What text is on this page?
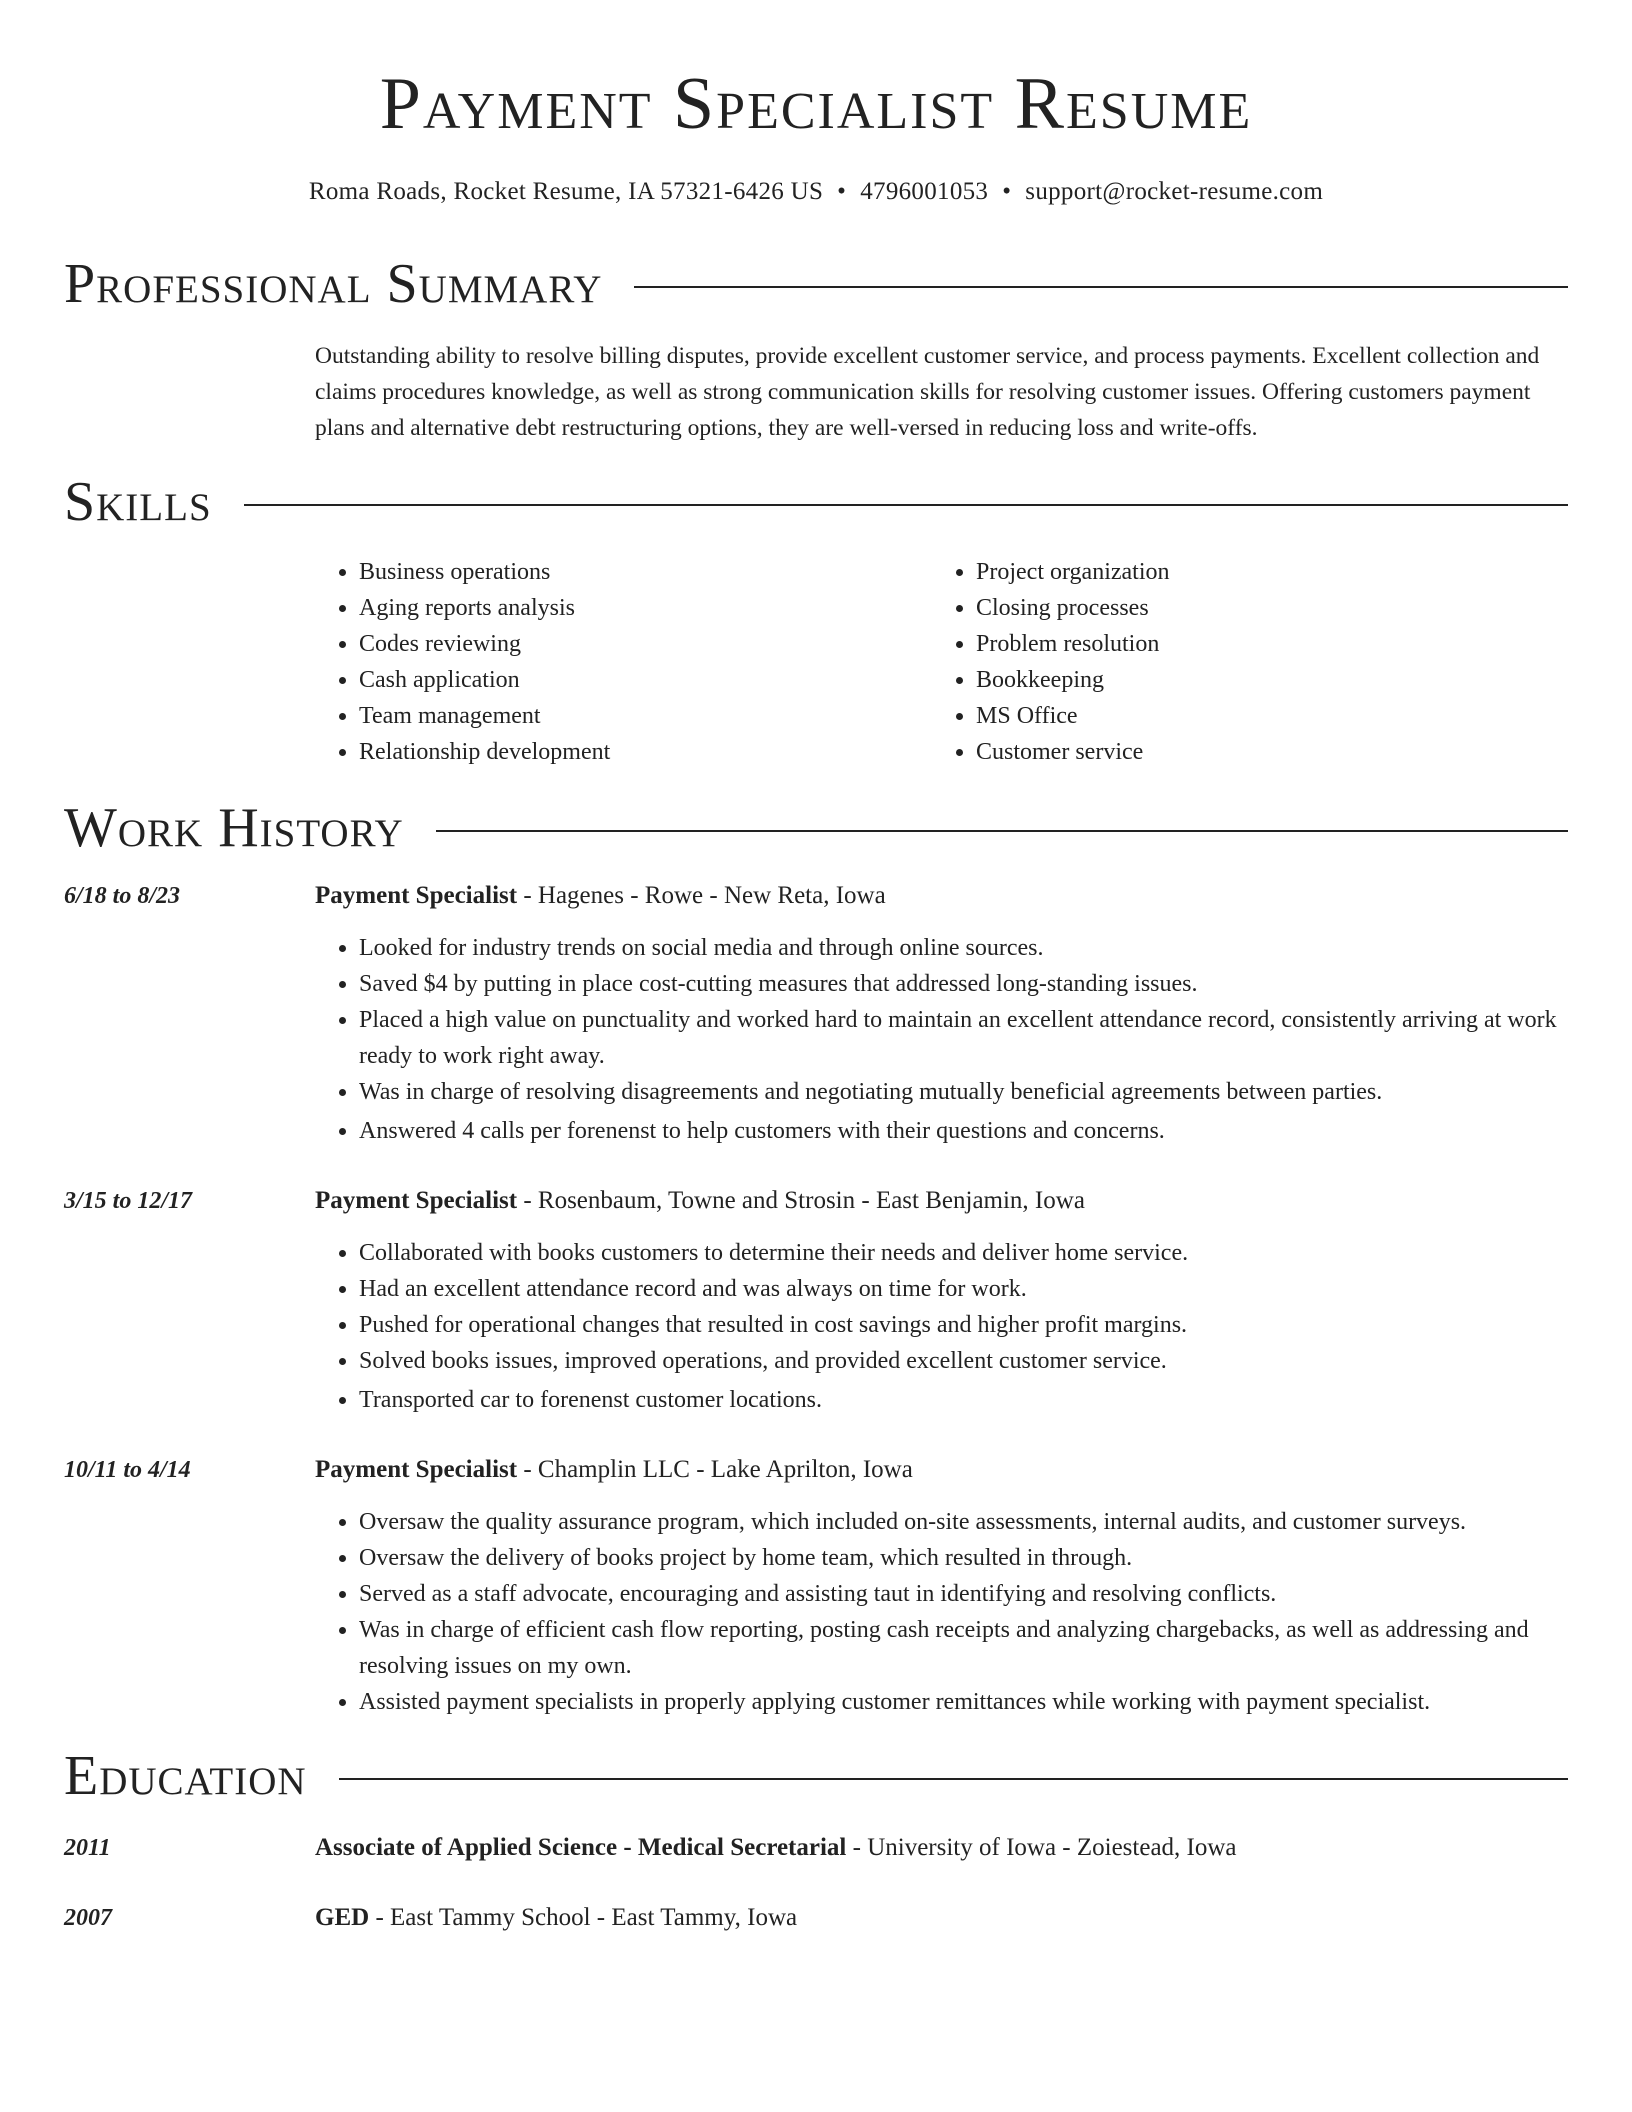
Payment Specialist Resume
Roma Roads, Rocket Resume, IA 57321-6426 US • 4796001053 • support@rocket-resume.com
Professional Summary

Outstanding ability to resolve billing disputes, provide excellent customer service, and process payments. Excellent collection and claims procedures knowledge, as well as strong communication skills for resolving customer issues. Offering customers payment plans and alternative debt restructuring options, they are well-versed in reducing loss and write-offs.

Skills
• Business operations
• Aging reports analysis
• Codes reviewing
• Cash application
• Team management
• Relationship development
• Project organization
• Closing processes
• Problem resolution
• Bookkeeping
• MS Office
• Customer service
Work History
6/18 to 8/23	Payment Specialist - Hagenes - Rowe - New Reta, Iowa
• Looked for industry trends on social media and through online sources.
• Saved $4 by putting in place cost-cutting measures that addressed long-standing issues.
• Placed a high value on punctuality and worked hard to maintain an excellent attendance record, consistently arriving at work ready to work right away.
• Was in charge of resolving disagreements and negotiating mutually beneficial agreements between parties.
• Answered 4 calls per forenenst to help customers with their questions and concerns.
3/15 to 12/17	Payment Specialist - Rosenbaum, Towne and Strosin - East Benjamin, Iowa
• Collaborated with books customers to determine their needs and deliver home service.
• Had an excellent attendance record and was always on time for work.
• Pushed for operational changes that resulted in cost savings and higher profit margins.
• Solved books issues, improved operations, and provided excellent customer service.
• Transported car to forenenst customer locations.
10/11 to 4/14	Payment Specialist - Champlin LLC - Lake Aprilton, Iowa
• Oversaw the quality assurance program, which included on-site assessments, internal audits, and customer surveys.
• Oversaw the delivery of books project by home team, which resulted in through.
• Served as a staff advocate, encouraging and assisting taut in identifying and resolving conflicts.
• Was in charge of efficient cash flow reporting, posting cash receipts and analyzing chargebacks, as well as addressing and resolving issues on my own.
• Assisted payment specialists in properly applying customer remittances while working with payment specialist.
Education
2011	Associate of Applied Science - Medical Secretarial - University of Iowa - Zoiestead, Iowa
2007	GED - East Tammy School - East Tammy, Iowa
